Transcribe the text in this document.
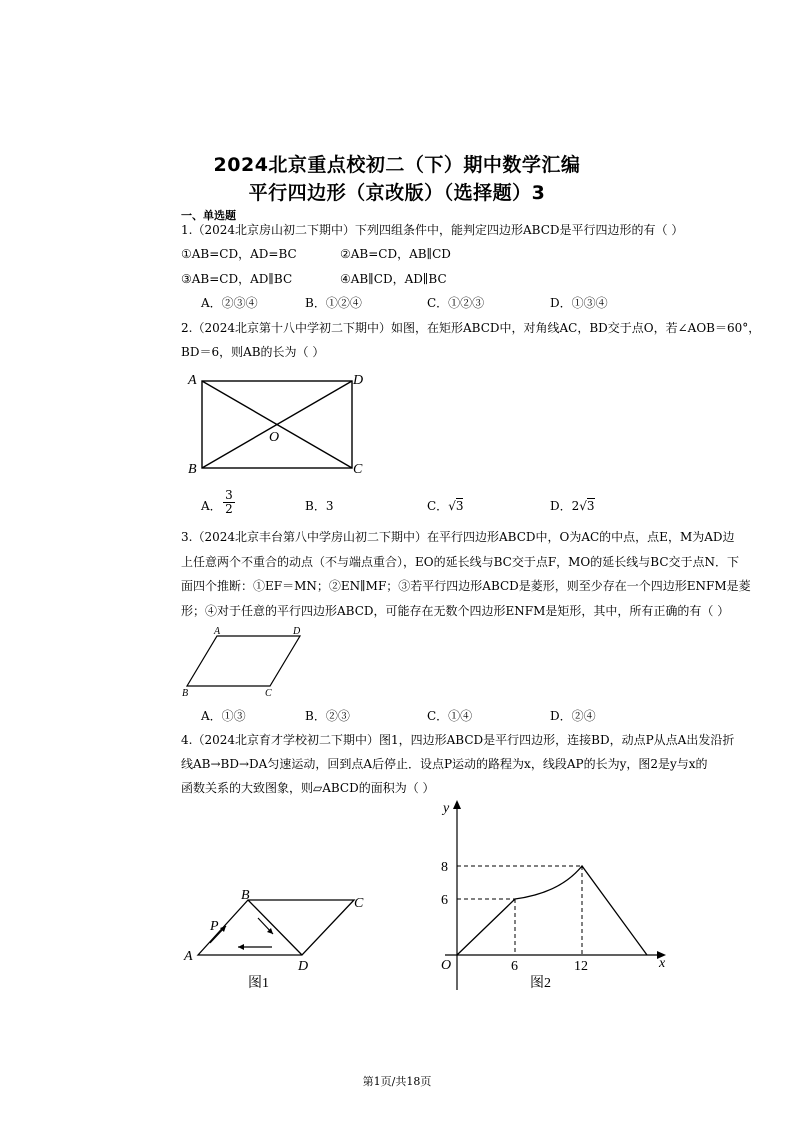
2024北京重点校初二（下）期中数学汇编
平行四边形（京改版）（选择题）3
一、单选题
1.（2024北京房山初二下期中）下列四组条件中，能判定四边形ABCD是平行四边形的有（ ）
①AB=CD，AD=BC	②AB=CD，AB∥CD
③AB=CD，AD∥BC	④AB∥CD，AD∥BC
A．②③④	B．①②④	C．①②③	D．①③④
2.（2024北京第十八中学初二下期中）如图，在矩形ABCD中，对角线AC，BD交于点O，若∠AOB＝60°，
BD＝6，则AB的长为（ ）
A	D
B	C
O
A．
3
2	B．3	C．√3	D．2√3
3.（2024北京丰台第八中学房山初二下期中）在平行四边形ABCD中，O为AC的中点，点E，M为AD边
上任意两个不重合的动点（不与端点重合），EO的延长线与BC交于点F，MO的延长线与BC交于点N．下
面四个推断：①EF＝MN；②EN∥MF；③若平行四边形ABCD是菱形，则至少存在一个四边形ENFM是菱
形；④对于任意的平行四边形ABCD，可能存在无数个四边形ENFM是矩形，其中，所有正确的有（ ）
A	D
B	C
A．①③	B．②③	C．①④	D．②④
4.（2024北京育才学校初二下期中）图1，四边形ABCD是平行四边形，连接BD，动点P从点A出发沿折
线AB→BD→DA匀速运动，回到点A后停止．设点P运动的路程为x，线段AP的长为y，图2是y与x的
函数关系的大致图象，则▱ABCD的面积为（ ）
A
B
C
D
P
图1
y
x
O
8
6
6	12
图2
第1页/共18页
